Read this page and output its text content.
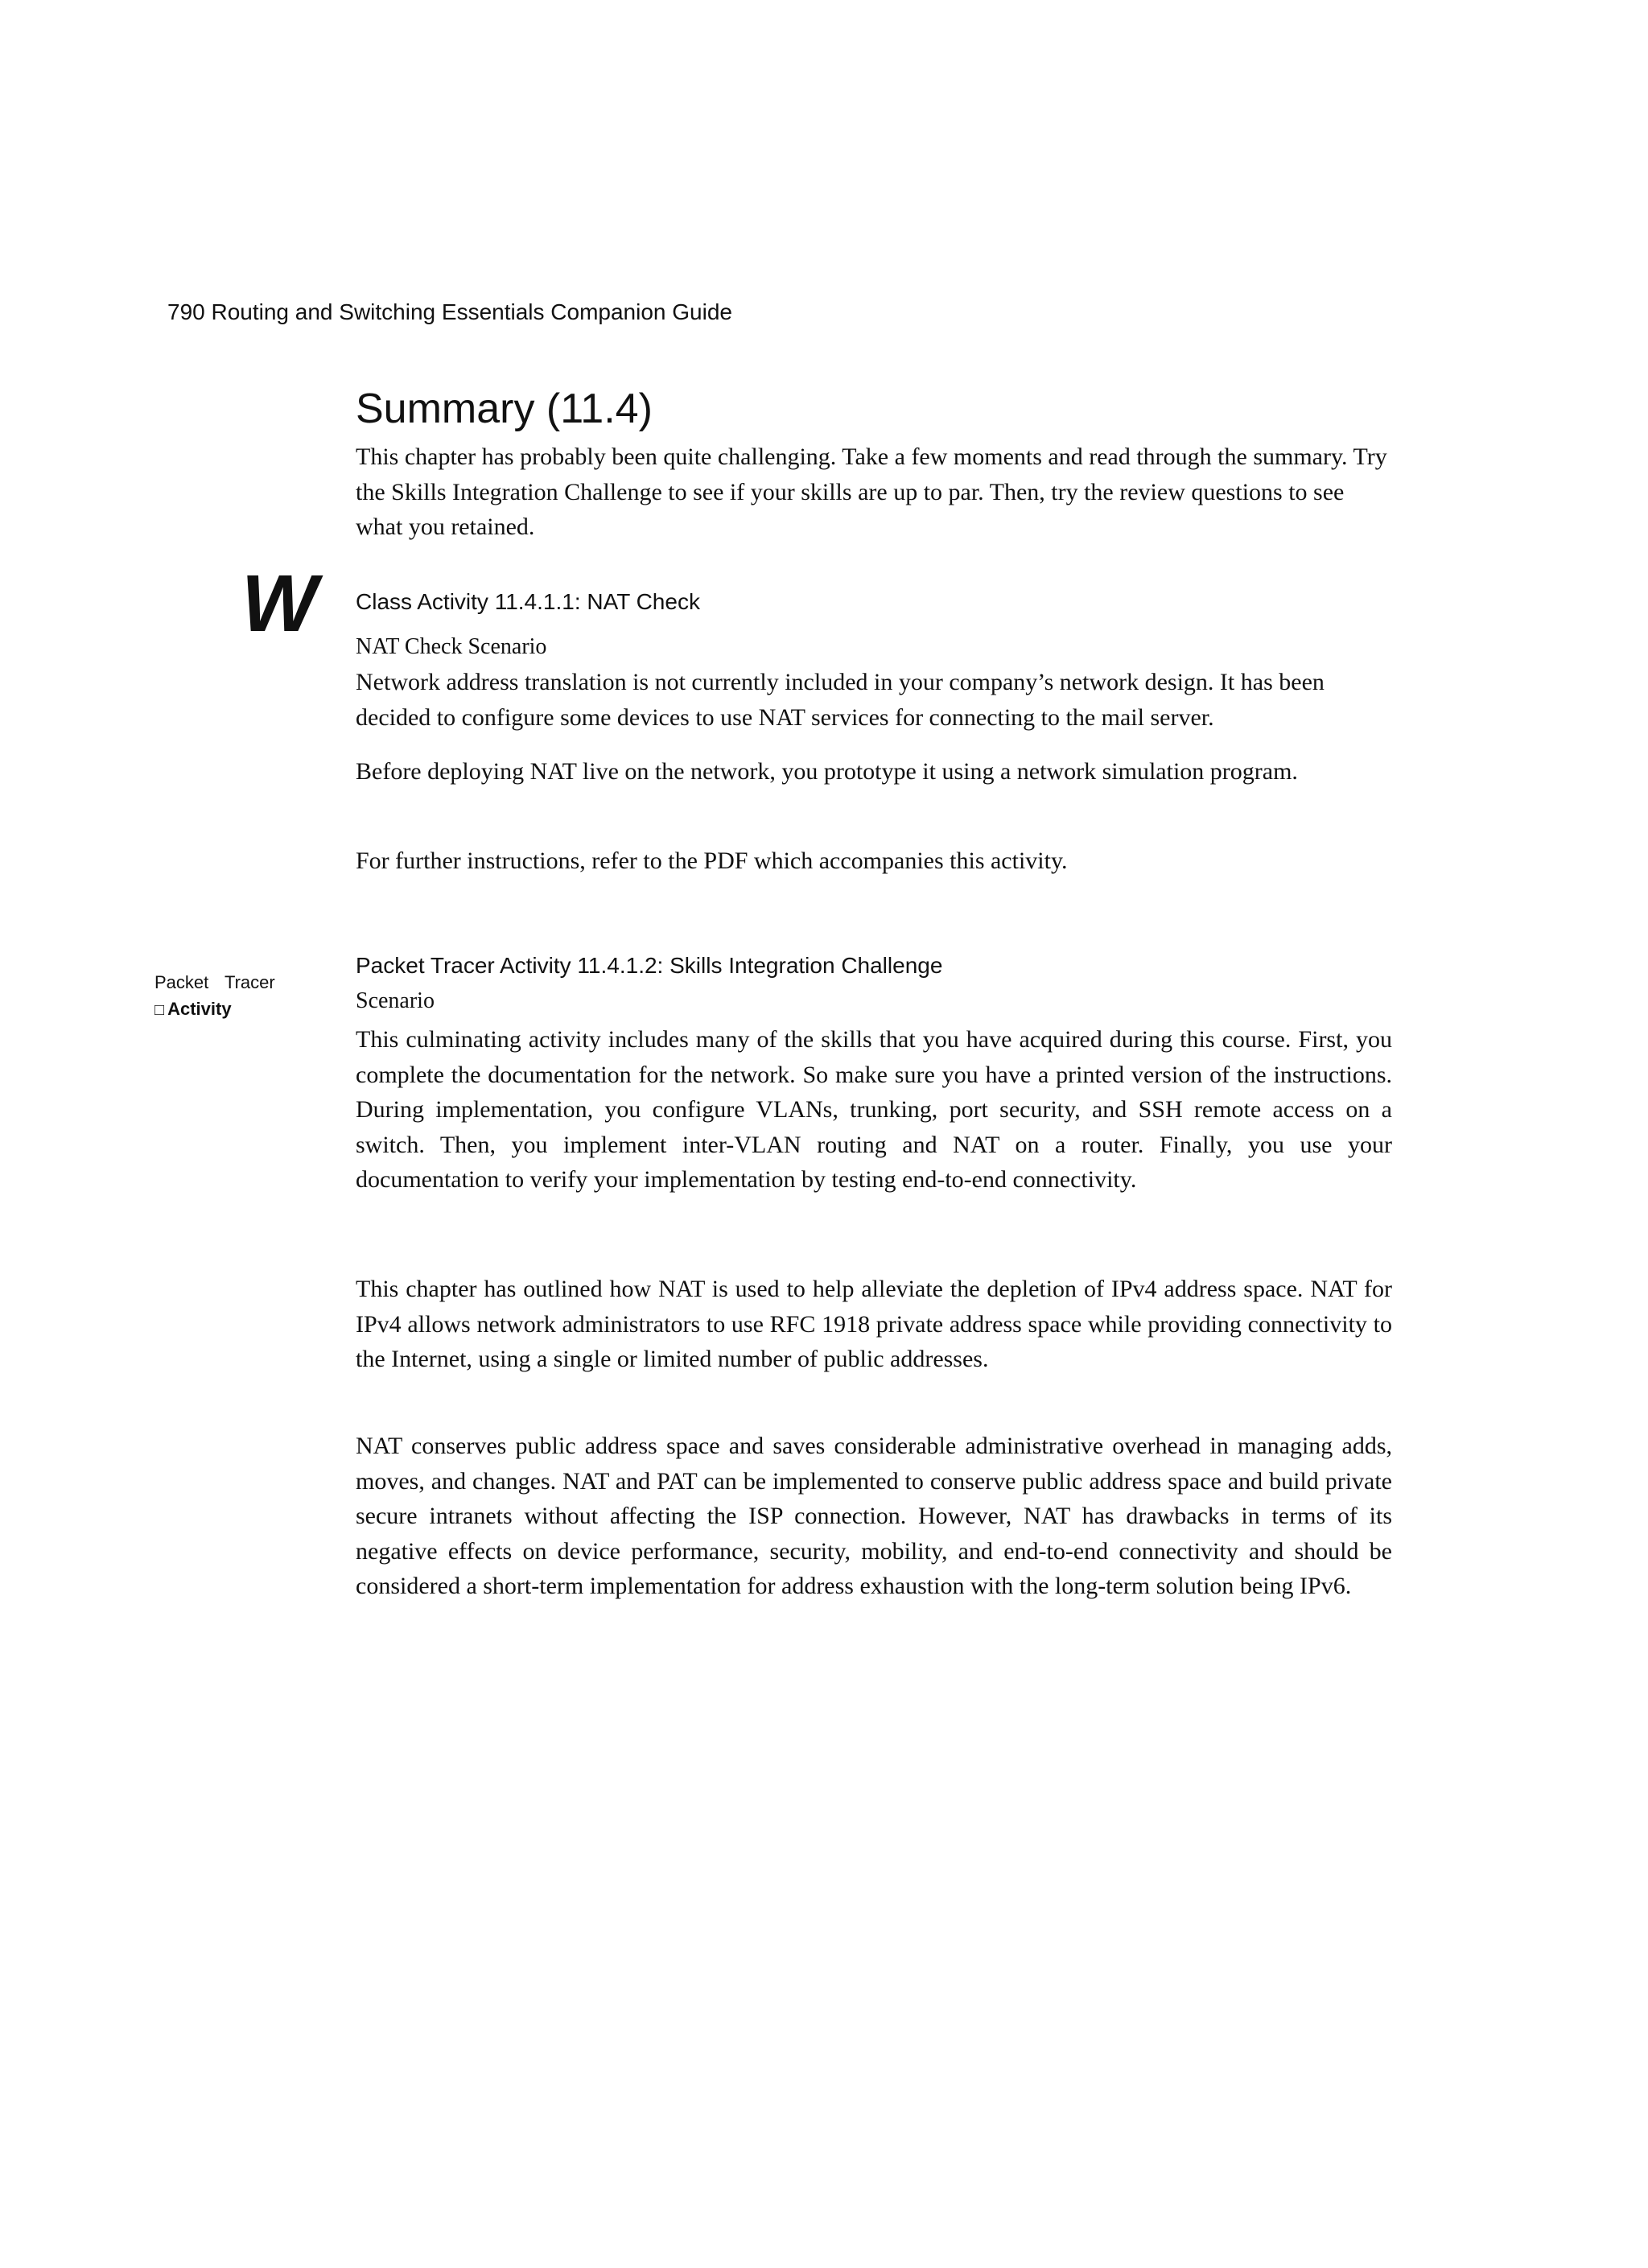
790 Routing and Switching Essentials Companion Guide
Summary (11.4)

This chapter has probably been quite challenging. Take a few moments and read through the summary. Try the Skills Integration Challenge to see if your skills are up to par. Then, try the review questions to see what you retained.

W Class Activity 11.4.1.1: NAT Check
NAT Check Scenario

Network address translation is not currently included in your company’s network design. It has been decided to configure some devices to use NAT services for connecting to the mail server.

Before deploying NAT live on the network, you prototype it using a network simulation program.

For further instructions, refer to the PDF which accompanies this activity.

Packet Tracer
□ Activity
Packet Tracer Activity 11.4.1.2: Skills Integration Challenge
Scenario

This culminating activity includes many of the skills that you have acquired during this course. First, you complete the documentation for the network. So make sure you have a printed version of the instructions. During implementation, you configure VLANs, trunking, port security, and SSH remote access on a switch. Then, you implement inter-VLAN routing and NAT on a router. Finally, you use your documentation to verify your implementation by testing end-to-end connectivity.

This chapter has outlined how NAT is used to help alleviate the depletion of IPv4 address space. NAT for IPv4 allows network administrators to use RFC 1918 private address space while providing connectivity to the Internet, using a single or limited number of public addresses.

NAT conserves public address space and saves considerable administrative overhead in managing adds, moves, and changes. NAT and PAT can be implemented to conserve public address space and build private secure intranets without affecting the ISP connection. However, NAT has drawbacks in terms of its negative effects on device performance, security, mobility, and end-to-end connectivity and should be considered a short-term implementation for address exhaustion with the long-term solution being IPv6.
